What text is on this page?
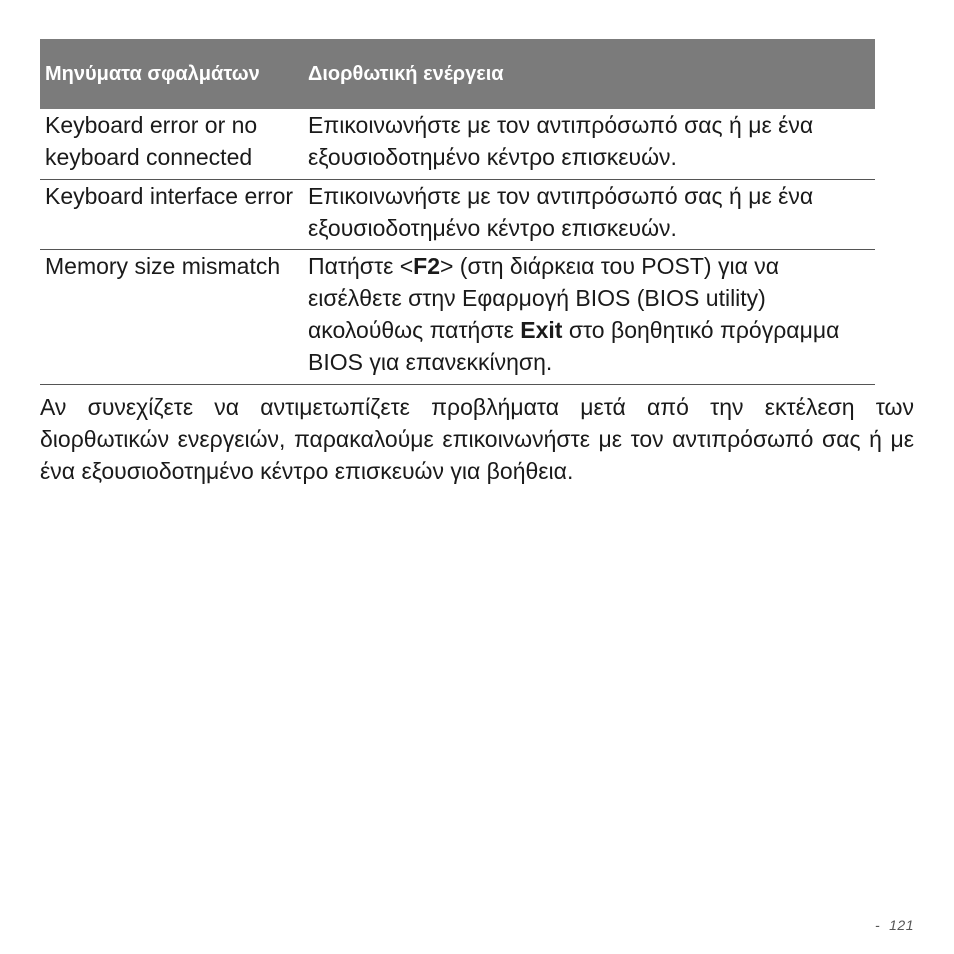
Μηνύματα σφαλμάτων	Διορθωτική ενέργεια
Keyboard error or no keyboard connected	Επικοινωνήστε με τον αντιπρόσωπό σας ή με ένα εξουσιοδοτημένο κέντρο επισκευών.
Keyboard interface error	Επικοινωνήστε με τον αντιπρόσωπό σας ή με ένα εξουσιοδοτημένο κέντρο επισκευών.
Memory size mismatch	Πατήστε <F2> (στη διάρκεια του POST) για να εισέλθετε στην Εφαρμογή BIOS (BIOS utility) ακολούθως πατήστε Exit στο βοηθητικό πρόγραμμα BIOS για επανεκκίνηση.

Αν συνεχίζετε να αντιμετωπίζετε προβλήματα μετά από την εκτέλεση των διορθωτικών ενεργειών, παρακαλούμε επικοινωνήστε με τον αντιπρόσωπό σας ή με ένα εξουσιοδοτημένο κέντρο επισκευών για βοήθεια.

- 121
